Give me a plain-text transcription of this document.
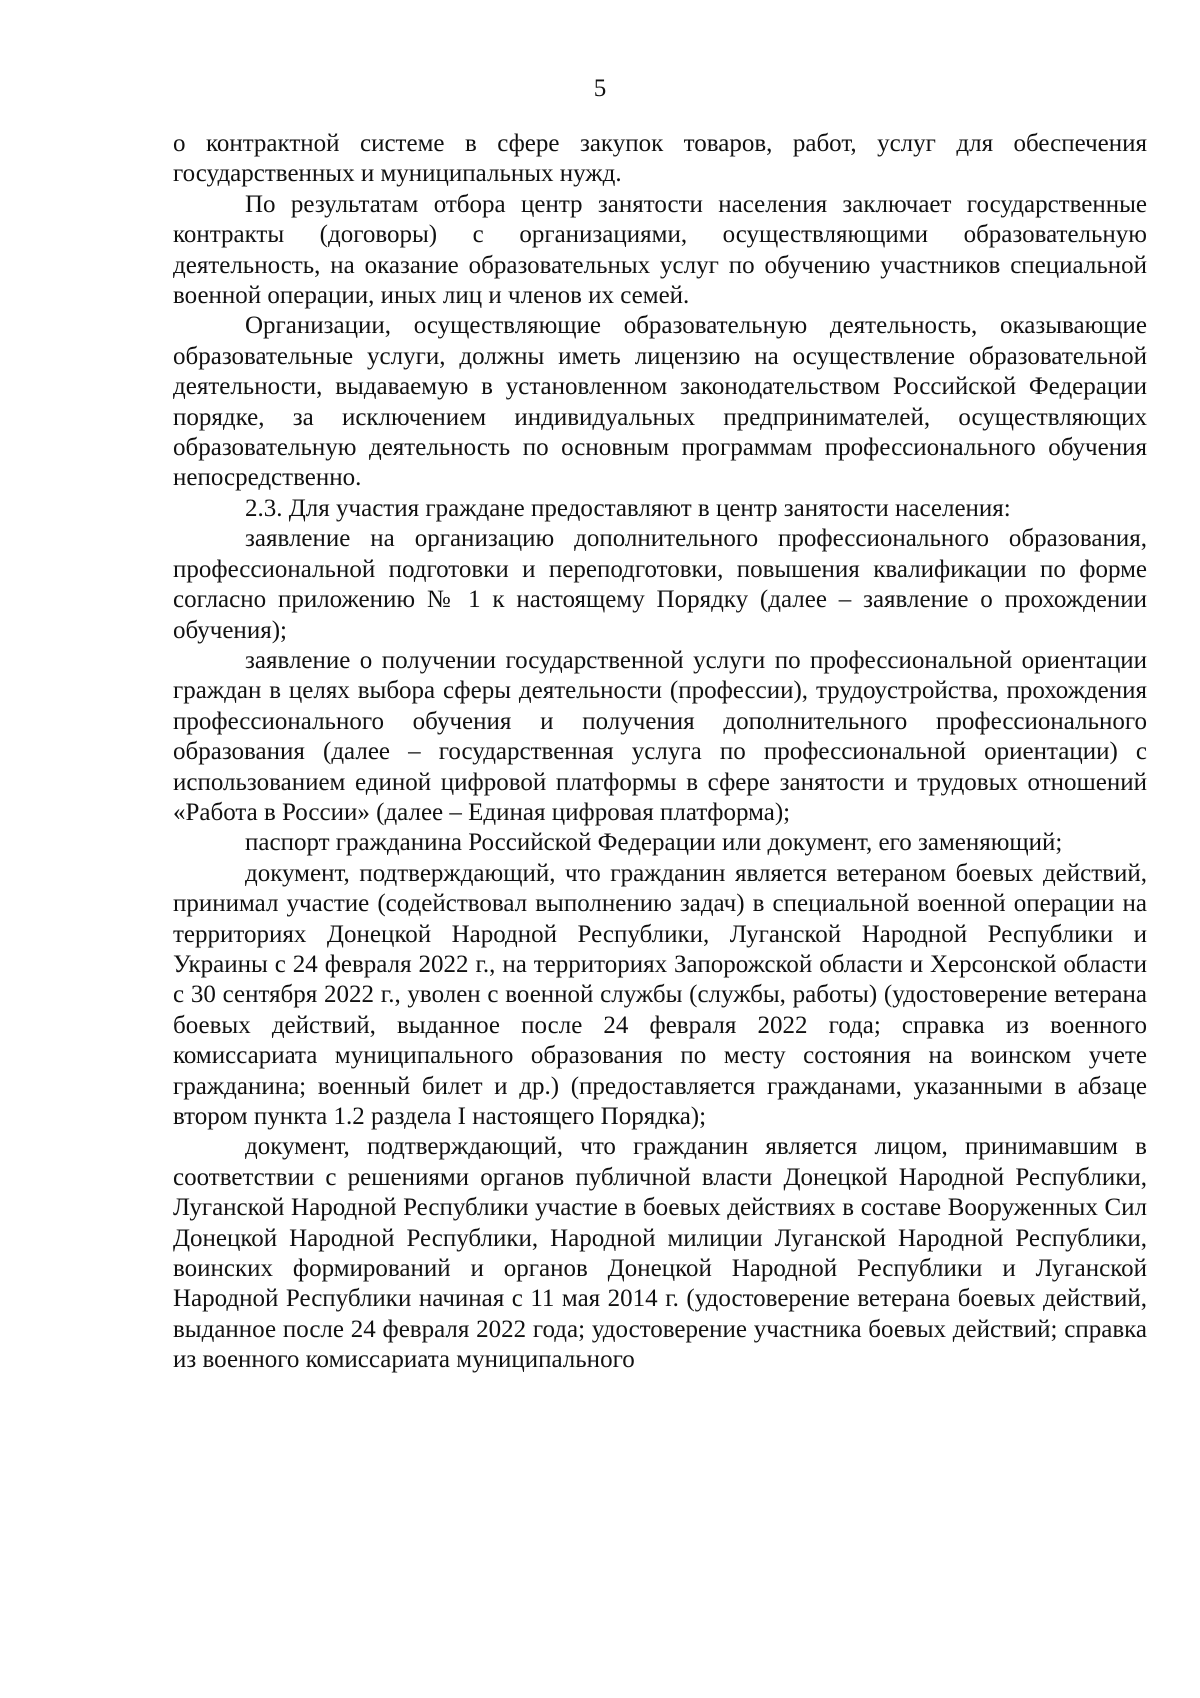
5

о контрактной системе в сфере закупок товаров, работ, услуг для обеспечения государственных и муниципальных нужд.

По результатам отбора центр занятости населения заключает государственные контракты (договоры) с организациями, осуществляющими образовательную деятельность, на оказание образовательных услуг по обучению участников специальной военной операции, иных лиц и членов их семей.

Организации, осуществляющие образовательную деятельность, оказывающие образовательные услуги, должны иметь лицензию на осуществление образовательной деятельности, выдаваемую в установленном законодательством Российской Федерации порядке, за исключением индивидуальных предпринимателей, осуществляющих образовательную деятельность по основным программам профессионального обучения непосредственно.

2.3. Для участия граждане предоставляют в центр занятости населения:

заявление на организацию дополнительного профессионального образования, профессиональной подготовки и переподготовки, повышения квалификации по форме согласно приложению № 1 к настоящему Порядку (далее – заявление о прохождении обучения);

заявление о получении государственной услуги по профессиональной ориентации граждан в целях выбора сферы деятельности (профессии), трудоустройства, прохождения профессионального обучения и получения дополнительного профессионального образования (далее – государственная услуга по профессиональной ориентации) с использованием единой цифровой платформы в сфере занятости и трудовых отношений «Работа в России» (далее – Единая цифровая платформа);

паспорт гражданина Российской Федерации или документ, его заменяющий;

документ, подтверждающий, что гражданин является ветераном боевых действий, принимал участие (содействовал выполнению задач) в специальной военной операции на территориях Донецкой Народной Республики, Луганской Народной Республики и Украины с 24 февраля 2022 г., на территориях Запорожской области и Херсонской области с 30 сентября 2022 г., уволен с военной службы (службы, работы) (удостоверение ветерана боевых действий, выданное после 24 февраля 2022 года; справка из военного комиссариата муниципального образования по месту состояния на воинском учете гражданина; военный билет и др.) (предоставляется гражданами, указанными в абзаце втором пункта 1.2 раздела I настоящего Порядка);

документ, подтверждающий, что гражданин является лицом, принимавшим в соответствии с решениями органов публичной власти Донецкой Народной Республики, Луганской Народной Республики участие в боевых действиях в составе Вооруженных Сил Донецкой Народной Республики, Народной милиции Луганской Народной Республики, воинских формирований и органов Донецкой Народной Республики и Луганской Народной Республики начиная с 11 мая 2014 г. (удостоверение ветерана боевых действий, выданное после 24 февраля 2022 года; удостоверение участника боевых действий; справка из военного комиссариата муниципального
